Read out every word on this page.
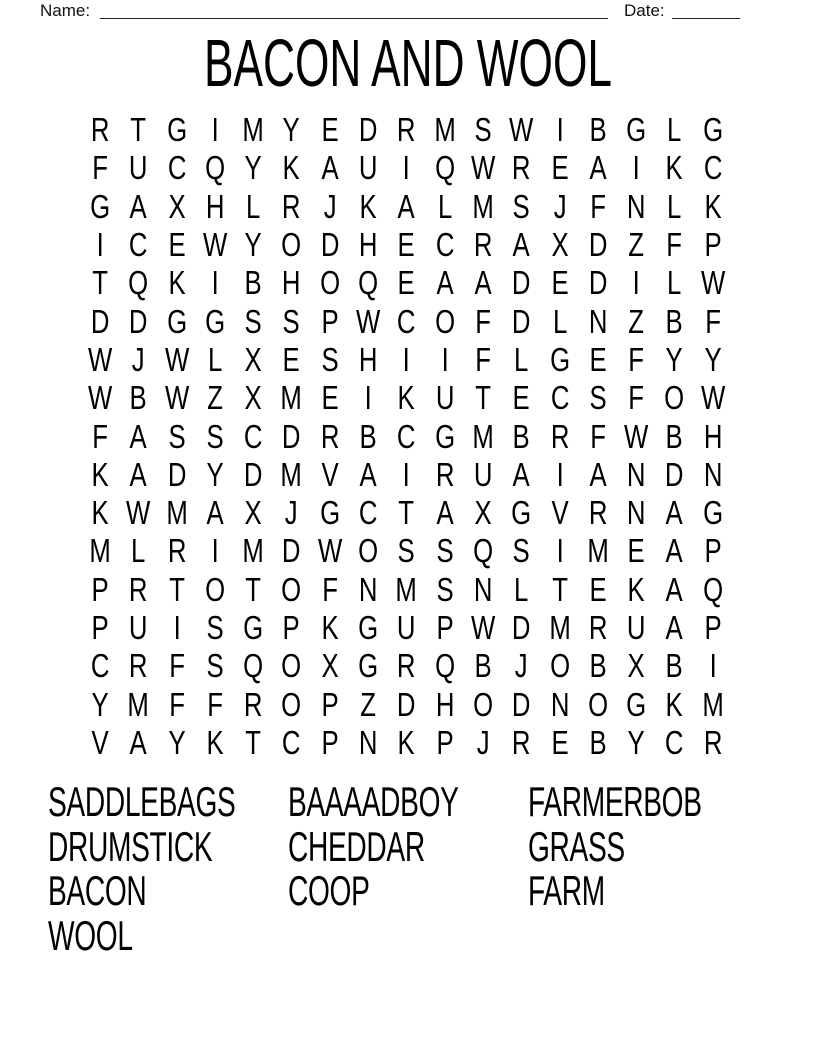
Name:	Date:
BACON AND WOOL
R T G I M Y E D R M S W I B G L G
F U C Q Y K A U I Q W R E A I K C
G A X H L R J K A L M S J F N L K
I C E W Y O D H E C R A X D Z F P
T Q K I B H O Q E A A D E D I L W
D D G G S S P W C O F D L N Z B F
W J W L X E S H I I F L G E F Y Y
W B W Z X M E I K U T E C S F O W
F A S S C D R B C G M B R F W B H
K A D Y D M V A I R U A I A N D N
K W M A X J G C T A X G V R N A G
M L R I M D W O S S Q S I M E A P
P R T O T O F N M S N L T E K A Q
P U I S G P K G U P W D M R U A P
C R F S Q O X G R Q B J O B X B I
Y M F F R O P Z D H O D N O G K M
V A Y K T C P N K P J R E B Y C R
SADDLEBAGS
DRUMSTICK
BACON
WOOL
BAAAADBOY
CHEDDAR
COOP
FARMERBOB
GRASS
FARM
